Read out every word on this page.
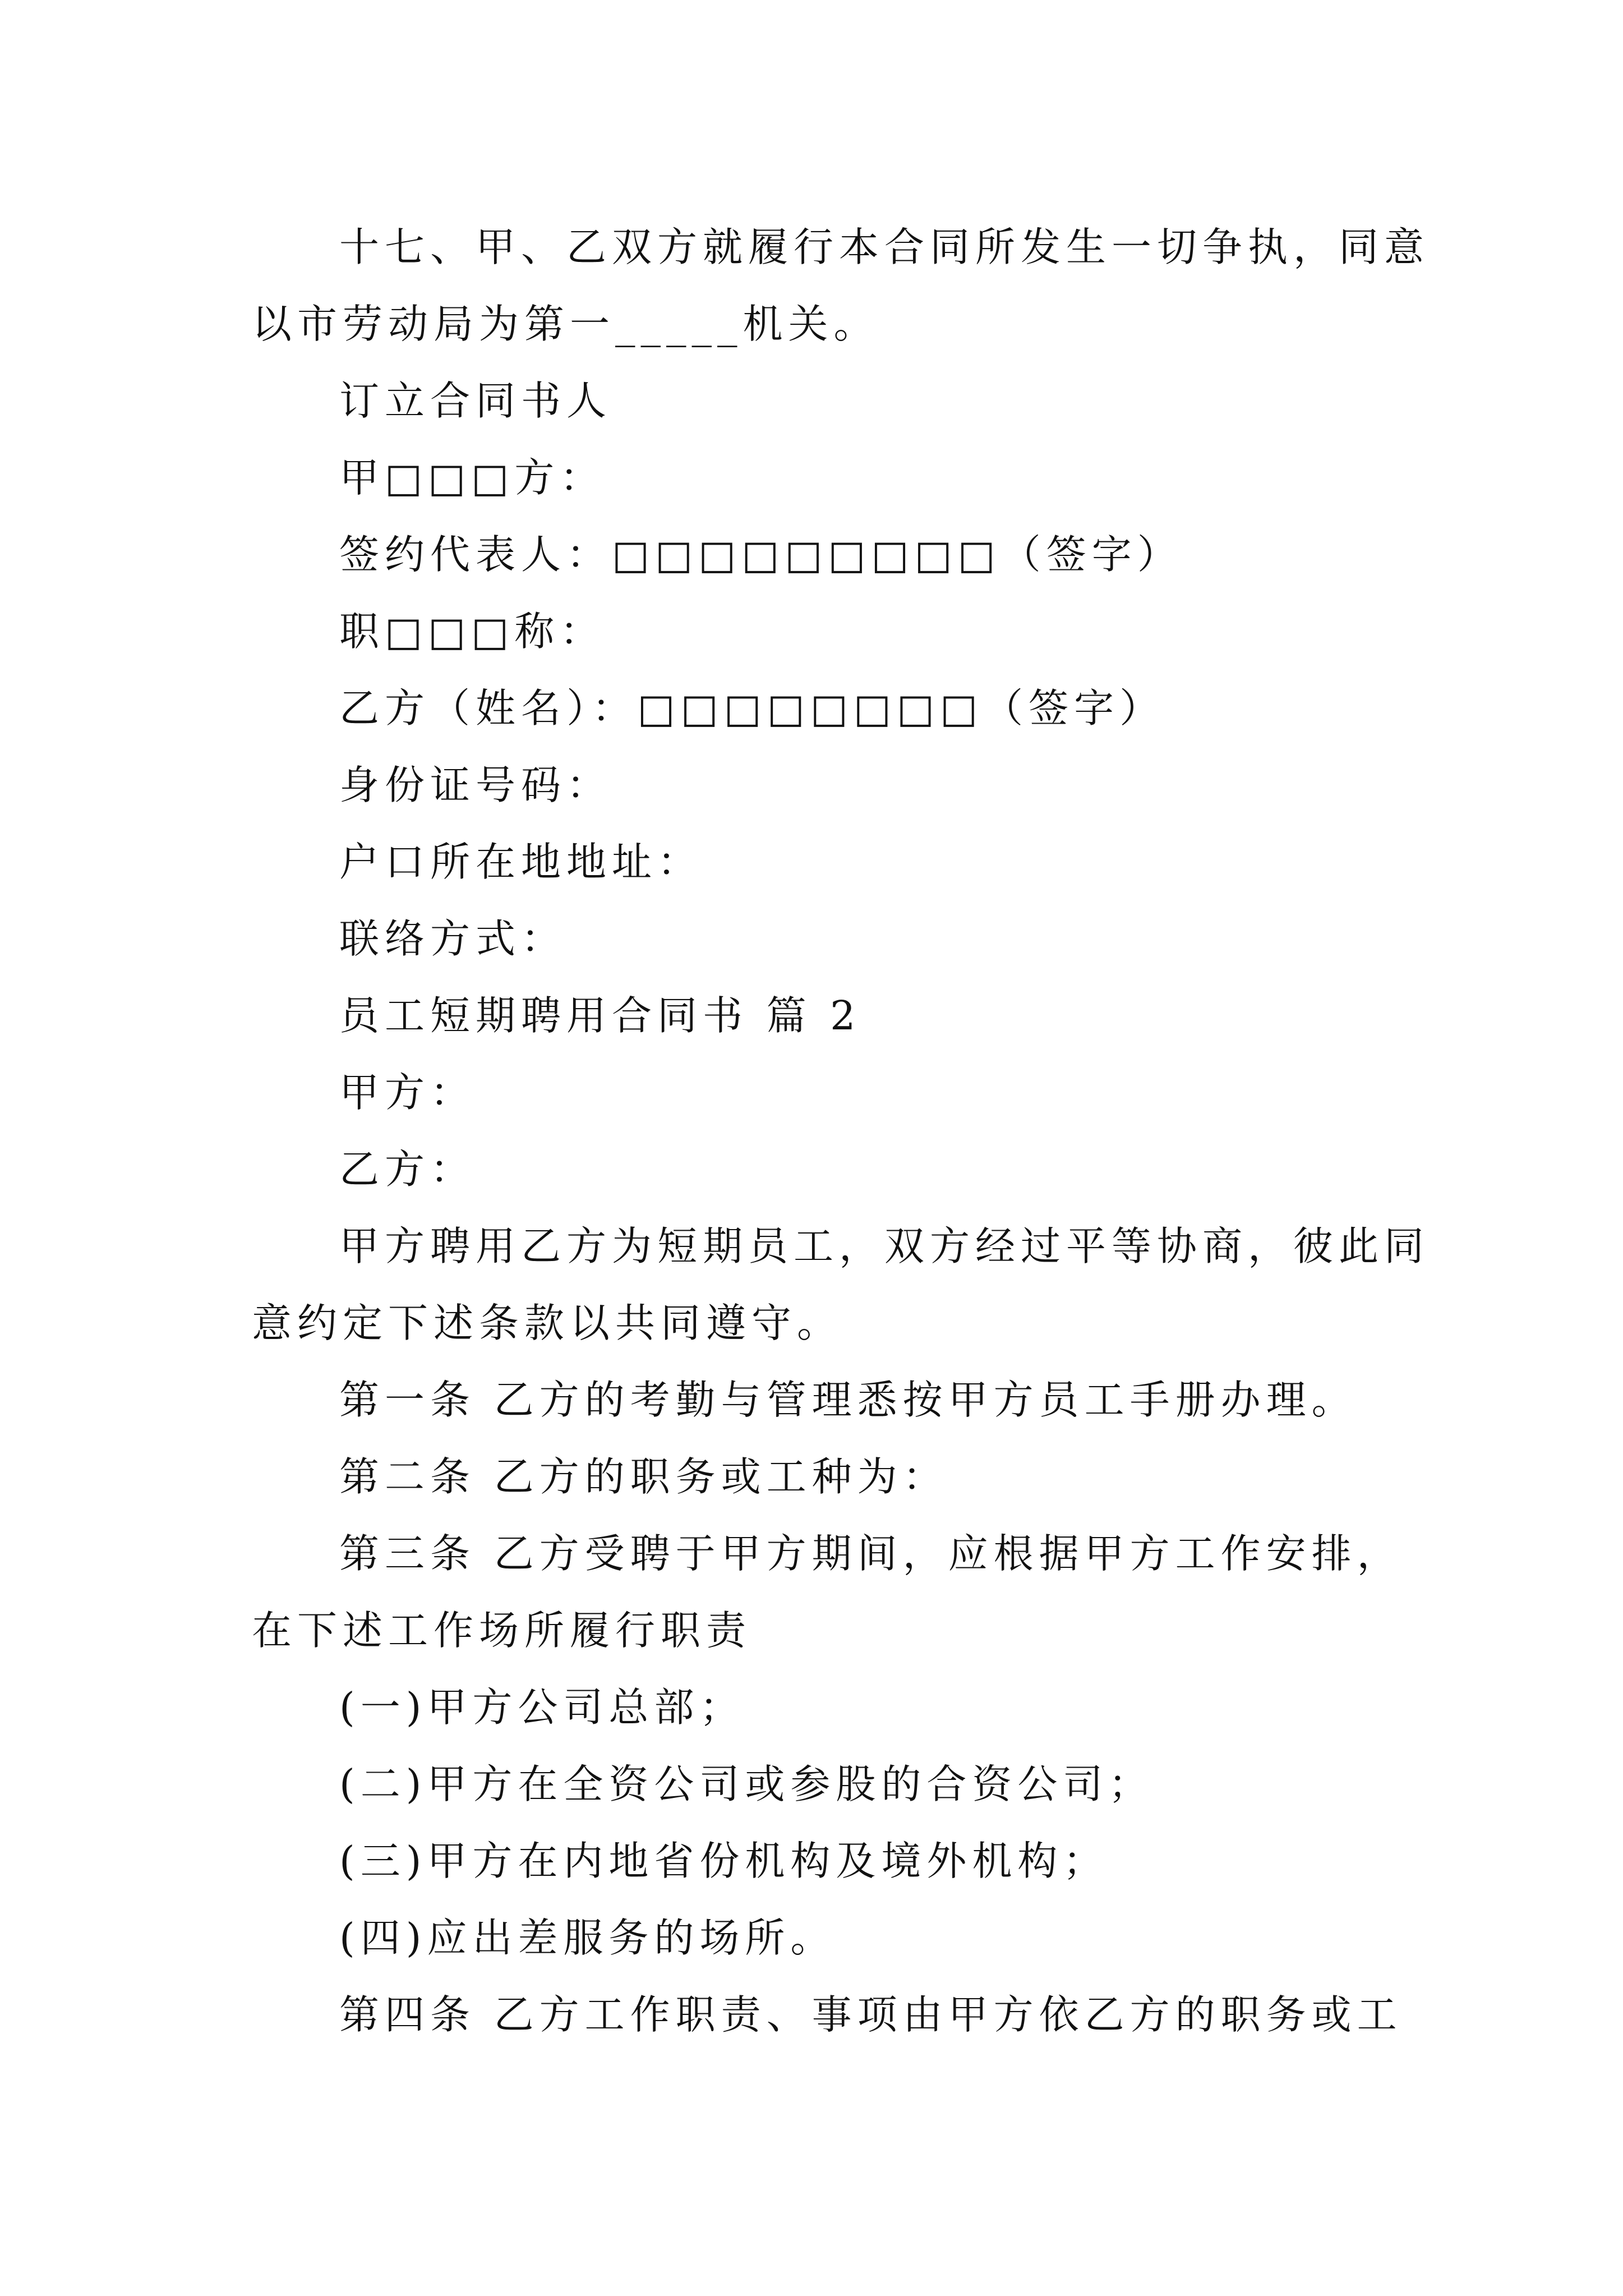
十七、甲、乙双方就履行本合同所发生一切争执，同意
以市劳动局为第一_____机关。
订立合同书人
甲□□□方：
签约代表人：□□□□□□□□□（签字）
职□□□称：
乙方（姓名）：□□□□□□□□（签字）
身份证号码：
户口所在地地址：
联络方式：
员工短期聘用合同书 篇 2
甲方：
乙方：
甲方聘用乙方为短期员工，双方经过平等协商，彼此同
意约定下述条款以共同遵守。
第一条 乙方的考勤与管理悉按甲方员工手册办理。
第二条 乙方的职务或工种为：
第三条 乙方受聘于甲方期间，应根据甲方工作安排，
在下述工作场所履行职责
(一)甲方公司总部；
(二)甲方在全资公司或参股的合资公司；
(三)甲方在内地省份机构及境外机构；
(四)应出差服务的场所。
第四条 乙方工作职责、事项由甲方依乙方的职务或工
